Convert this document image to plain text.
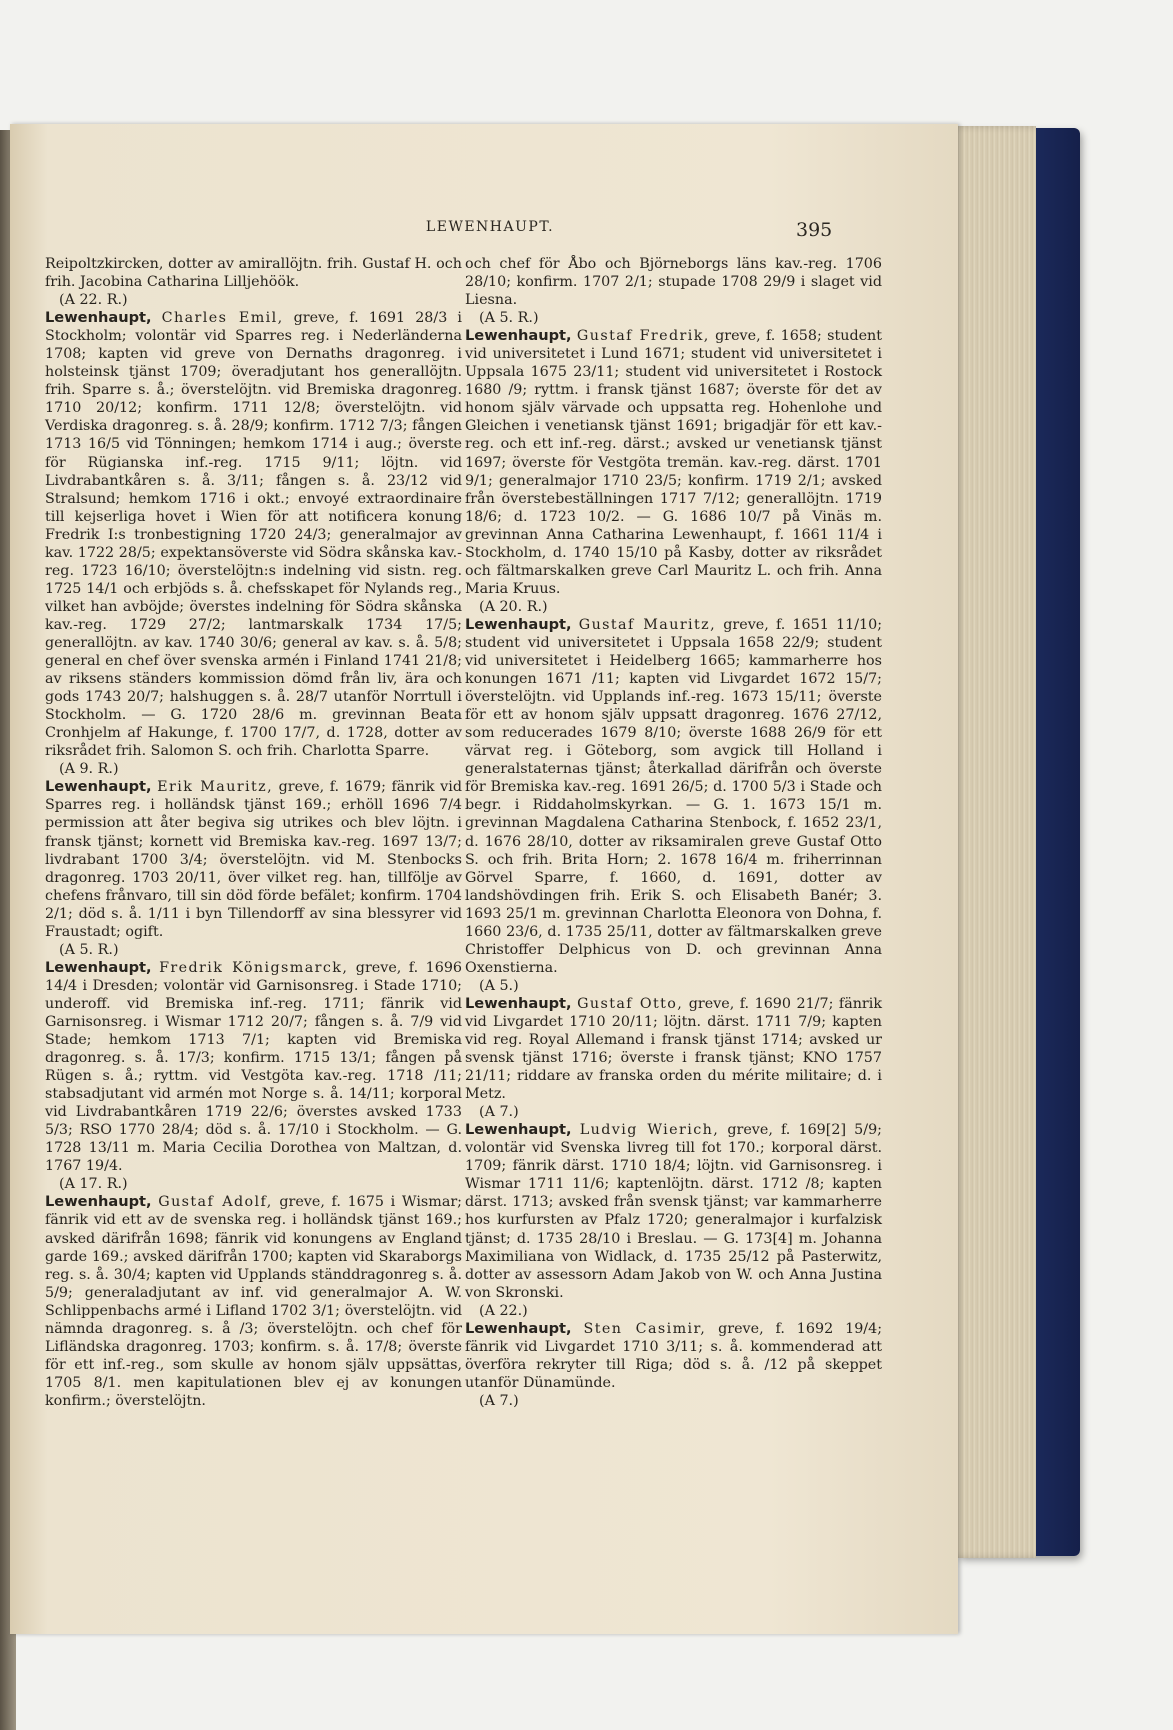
LEWENHAUPT.	395

Reipoltzkircken, dotter av amirallöjtn. frih. Gustaf H. och frih. Jacobina Catharina Lilljehöök.

(A 22. R.)

Lewenhaupt, Charles Emil, greve, f. 1691 28/3 i Stockholm; volontär vid Sparres reg. i Nederländerna 1708; kapten vid greve von Dernaths dragonreg. i holsteinsk tjänst 1709; överadjutant hos generallöjtn. frih. Sparre s. å.; överstelöjtn. vid Bremiska dragonreg. 1710 20/12; konfirm. 1711 12/8; överstelöjtn. vid Verdiska dragonreg. s. å. 28/9; konfirm. 1712 7/3; fången 1713 16/5 vid Tönningen; hemkom 1714 i aug.; överste för Rügianska inf.-reg. 1715 9/11; löjtn. vid Livdrabantkåren s. å. 3/11; fången s. å. 23/12 vid Stralsund; hemkom 1716 i okt.; envoyé extraordinaire till kejserliga hovet i Wien för att notificera konung Fredrik I:s tronbestigning 1720 24/3; generalmajor av kav. 1722 28/5; expektansöverste vid Södra skånska kav.-reg. 1723 16/10; överstelöjtn:s indelning vid sistn. reg. 1725 14/1 och erbjöds s. å. chefsskapet för Nylands reg., vilket han avböjde; överstes indelning för Södra skånska kav.-reg. 1729 27/2; lantmarskalk 1734 17/5; generallöjtn. av kav. 1740 30/6; general av kav. s. å. 5/8; general en chef över svenska armén i Finland 1741 21/8; av riksens ständers kommission dömd från liv, ära och gods 1743 20/7; halshuggen s. å. 28/7 utanför Norrtull i Stockholm. — G. 1720 28/6 m. grevinnan Beata Cronhjelm af Hakunge, f. 1700 17/7, d. 1728, dotter av riksrådet frih. Salomon S. och frih. Charlotta Sparre.

(A 9. R.)

Lewenhaupt, Erik Mauritz, greve, f. 1679; fänrik vid Sparres reg. i holländsk tjänst 169.; erhöll 1696 7/4 permission att åter begiva sig utrikes och blev löjtn. i fransk tjänst; kornett vid Bremiska kav.-reg. 1697 13/7; livdrabant 1700 3/4; överstelöjtn. vid M. Stenbocks dragonreg. 1703 20/11, över vilket reg. han, tillfölje av chefens frånvaro, till sin död förde befälet; konfirm. 1704 2/1; död s. å. 1/11 i byn Tillendorff av sina blessyrer vid Fraustadt; ogift.

(A 5. R.)

Lewenhaupt, Fredrik Königsmarck, greve, f. 1696 14/4 i Dresden; volontär vid Garnisonsreg. i Stade 1710; underoff. vid Bremiska inf.-reg. 1711; fänrik vid Garnisonsreg. i Wismar 1712 20/7; fången s. å. 7/9 vid Stade; hemkom 1713 7/1; kapten vid Bremiska dragonreg. s. å. 17/3; konfirm. 1715 13/1; fången på Rügen s. å.; ryttm. vid Vestgöta kav.-reg. 1718 /11; stabsadjutant vid armén mot Norge s. å. 14/11; korporal vid Livdrabantkåren 1719 22/6; överstes avsked 1733 5/3; RSO 1770 28/4; död s. å. 17/10 i Stockholm. — G. 1728 13/11 m. Maria Cecilia Dorothea von Maltzan, d. 1767 19/4.

(A 17. R.)

Lewenhaupt, Gustaf Adolf, greve, f. 1675 i Wismar; fänrik vid ett av de svenska reg. i holländsk tjänst 169.; avsked därifrån 1698; fänrik vid konungens av England garde 169.; avsked därifrån 1700; kapten vid Skaraborgs reg. s. å. 30/4; kapten vid Upplands ständdragonreg s. å. 5/9; generaladjutant av inf. vid generalmajor A. W. Schlippenbachs armé i Lifland 1702 3/1; överstelöjtn. vid nämnda dragonreg. s. å /3; överstelöjtn. och chef för Lifländska dragonreg. 1703; konfirm. s. å. 17/8; överste för ett inf.-reg., som skulle av honom själv uppsättas, 1705 8/1. men kapitulationen blev ej av konungen konfirm.; överstelöjtn.

och chef för Åbo och Björneborgs läns kav.-reg. 1706 28/10; konfirm. 1707 2/1; stupade 1708 29/9 i slaget vid Liesna.

(A 5. R.)

Lewenhaupt, Gustaf Fredrik, greve, f. 1658; student vid universitetet i Lund 1671; student vid universitetet i Uppsala 1675 23/11; student vid universitetet i Rostock 1680 /9; ryttm. i fransk tjänst 1687; överste för det av honom själv värvade och uppsatta reg. Hohenlohe und Gleichen i venetiansk tjänst 1691; brigadjär för ett kav.-reg. och ett inf.-reg. därst.; avsked ur venetiansk tjänst 1697; överste för Vestgöta tremän. kav.-reg. därst. 1701 9/1; generalmajor 1710 23/5; konfirm. 1719 2/1; avsked från överstebeställningen 1717 7/12; generallöjtn. 1719 18/6; d. 1723 10/2. — G. 1686 10/7 på Vinäs m. grevinnan Anna Catharina Lewenhaupt, f. 1661 11/4 i Stockholm, d. 1740 15/10 på Kasby, dotter av riksrådet och fältmarskalken greve Carl Mauritz L. och frih. Anna Maria Kruus.

(A 20. R.)

Lewenhaupt, Gustaf Mauritz, greve, f. 1651 11/10; student vid universitetet i Uppsala 1658 22/9; student vid universitetet i Heidelberg 1665; kammarherre hos konungen 1671 /11; kapten vid Livgardet 1672 15/7; överstelöjtn. vid Upplands inf.-reg. 1673 15/11; överste för ett av honom själv uppsatt dragonreg. 1676 27/12, som reducerades 1679 8/10; överste 1688 26/9 för ett värvat reg. i Göteborg, som avgick till Holland i generalstaternas tjänst; återkallad därifrån och överste för Bremiska kav.-reg. 1691 26/5; d. 1700 5/3 i Stade och begr. i Riddaholmskyrkan. — G. 1. 1673 15/1 m. grevinnan Magdalena Catharina Stenbock, f. 1652 23/1, d. 1676 28/10, dotter av riksamiralen greve Gustaf Otto S. och frih. Brita Horn; 2. 1678 16/4 m. friherrinnan Görvel Sparre, f. 1660, d. 1691, dotter av landshövdingen frih. Erik S. och Elisabeth Banér; 3. 1693 25/1 m. grevinnan Charlotta Eleonora von Dohna, f. 1660 23/6, d. 1735 25/11, dotter av fältmarskalken greve Christoffer Delphicus von D. och grevinnan Anna Oxenstierna.

(A 5.)

Lewenhaupt, Gustaf Otto, greve, f. 1690 21/7; fänrik vid Livgardet 1710 20/11; löjtn. därst. 1711 7/9; kapten vid reg. Royal Allemand i fransk tjänst 1714; avsked ur svensk tjänst 1716; överste i fransk tjänst; KNO 1757 21/11; riddare av franska orden du mérite militaire; d. i Metz.

(A 7.)

Lewenhaupt, Ludvig Wierich, greve, f. 169[2] 5/9; volontär vid Svenska livreg till fot 170.; korporal därst. 1709; fänrik därst. 1710 18/4; löjtn. vid Garnisonsreg. i Wismar 1711 11/6; kaptenlöjtn. därst. 1712 /8; kapten därst. 1713; avsked från svensk tjänst; var kammarherre hos kurfursten av Pfalz 1720; generalmajor i kurfalzisk tjänst; d. 1735 28/10 i Breslau. — G. 173[4] m. Johanna Maximiliana von Widlack, d. 1735 25/12 på Pasterwitz, dotter av assessorn Adam Jakob von W. och Anna Justina von Skronski.

(A 22.)

Lewenhaupt, Sten Casimir, greve, f. 1692 19/4; fänrik vid Livgardet 1710 3/11; s. å. kommenderad att överföra rekryter till Riga; död s. å. /12 på skeppet utanför Dünamünde.

(A 7.)
